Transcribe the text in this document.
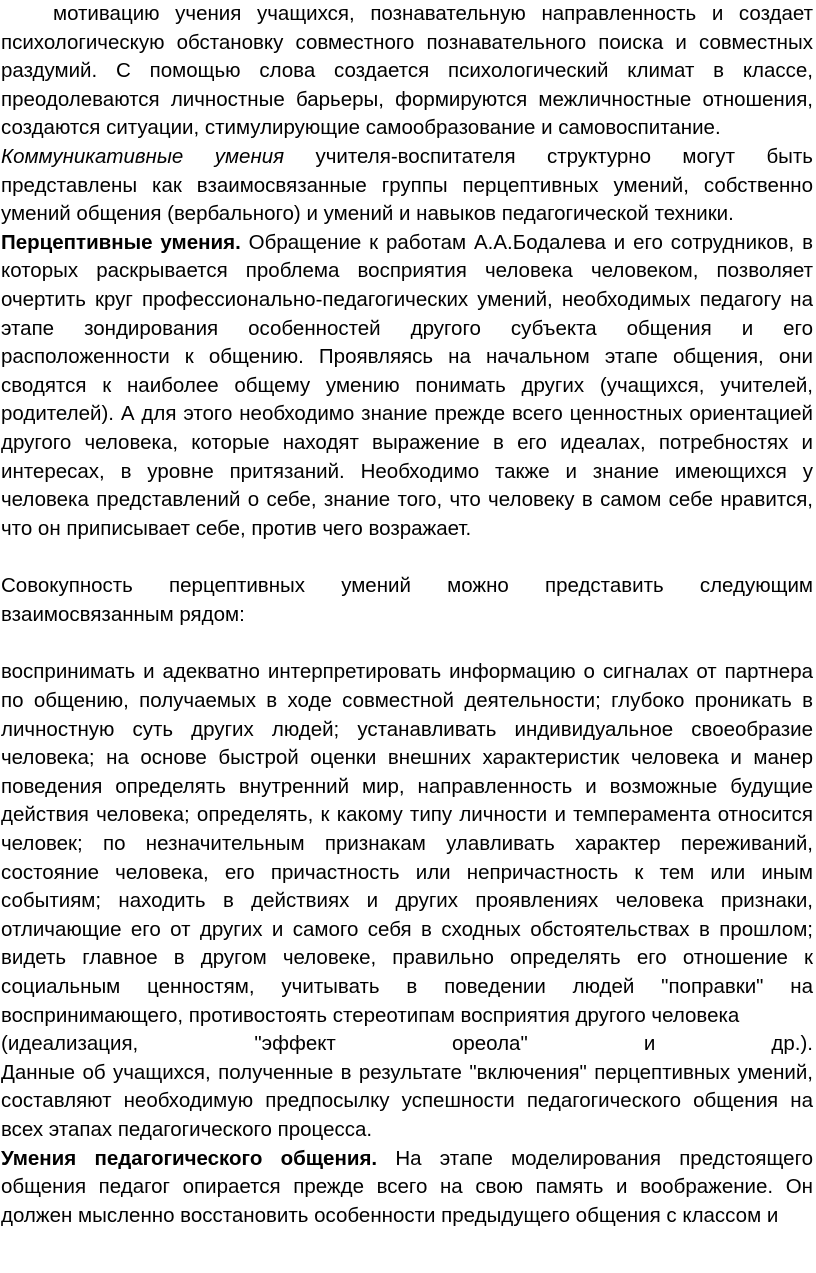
мотивацию учения учащихся, познавательную направленность и создает психологическую обстановку совместного познавательного поиска и совместных раздумий. С помощью слова создается психологический климат в классе, преодолеваются личностные барьеры, формируются межличностные отношения, создаются ситуации, стимулирующие самообразование и самовоспитание.

Коммуникативные умения учителя-воспитателя структурно могут быть представлены как взаимосвязанные группы перцептивных умений, собственно умений общения (вербального) и умений и навыков педагогической техники.

Перцептивные умения. Обращение к работам А.А.Бодалева и его сотрудников, в которых раскрывается проблема восприятия человека человеком, позволяет очертить круг профессионально-педагогических умений, необходимых педагогу на этапе зондирования особенностей другого субъекта общения и его расположенности к общению. Проявляясь на начальном этапе общения, они сводятся к наиболее общему умению понимать других (учащихся, учителей, родителей). А для этого необходимо знание прежде всего ценностных ориентацией другого человека, которые находят выражение в его идеалах, потребностях и интересах, в уровне притязаний. Необходимо также и знание имеющихся у человека представлений о себе, знание того, что человеку в самом себе нравится, что он приписывает себе, против чего возражает.

Совокупность перцептивных умений можно представить следующим взаимосвязанным рядом:

воспринимать и адекватно интерпретировать информацию о сигналах от партнера по общению, получаемых в ходе совместной деятельности; глубоко проникать в личностную суть других людей; устанавливать индивидуальное своеобразие человека; на основе быстрой оценки внешних характеристик человека и манер поведения определять внутренний мир, направленность и возможные будущие действия человека; определять, к какому типу личности и темперамента относится человек; по незначительным признакам улавливать характер переживаний, состояние человека, его причастность или непричастность к тем или иным событиям; находить в действиях и других проявлениях человека признаки, отличающие его от других и самого себя в сходных обстоятельствах в прошлом; видеть главное в другом человеке, правильно определять его отношение к социальным ценностям, учитывать в поведении людей "поправки" на воспринимающего, противостоять стереотипам восприятия другого человека

(идеализация, "эффект ореола" и др.).

Данные об учащихся, полученные в результате "включения" перцептивных умений, составляют необходимую предпосылку успешности педагогического общения на всех этапах педагогического процесса.

Умения педагогического общения. На этапе моделирования предстоящего общения педагог опирается прежде всего на свою память и воображение. Он должен мысленно восстановить особенности предыдущего общения с классом и
